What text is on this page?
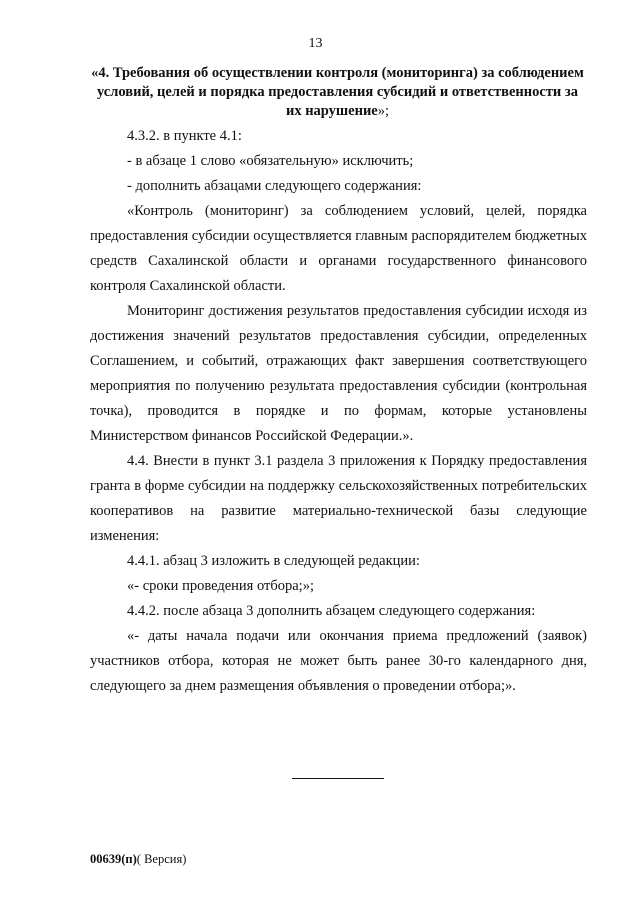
13
«4. Требования об осуществлении контроля (мониторинга) за соблюдением условий, целей и порядка предоставления субсидий и ответственности за их нарушение»;

4.3.2. в пункте 4.1:

- в абзаце 1 слово «обязательную» исключить;

- дополнить абзацами следующего содержания:

«Контроль (мониторинг) за соблюдением условий, целей, порядка предоставления субсидии осуществляется главным распорядителем бюджетных средств Сахалинской области и органами государственного финансового контроля Сахалинской области.

Мониторинг достижения результатов предоставления субсидии исходя из достижения значений результатов предоставления субсидии, определенных Соглашением, и событий, отражающих факт завершения соответствующего мероприятия по получению результата предоставления субсидии (контрольная точка), проводится в порядке и по формам, которые установлены Министерством финансов Российской Федерации.».

4.4. Внести в пункт 3.1 раздела 3 приложения к Порядку предоставления гранта в форме субсидии на поддержку сельскохозяйственных потребительских кооперативов на развитие материально-технической базы следующие изменения:

4.4.1. абзац 3 изложить в следующей редакции:

«- сроки проведения отбора;»;

4.4.2. после абзаца 3 дополнить абзацем следующего содержания:

«- даты начала подачи или окончания приема предложений (заявок) участников отбора, которая не может быть ранее 30-го календарного дня, следующего за днем размещения объявления о проведении отбора;».

00639(п)( Версия)
